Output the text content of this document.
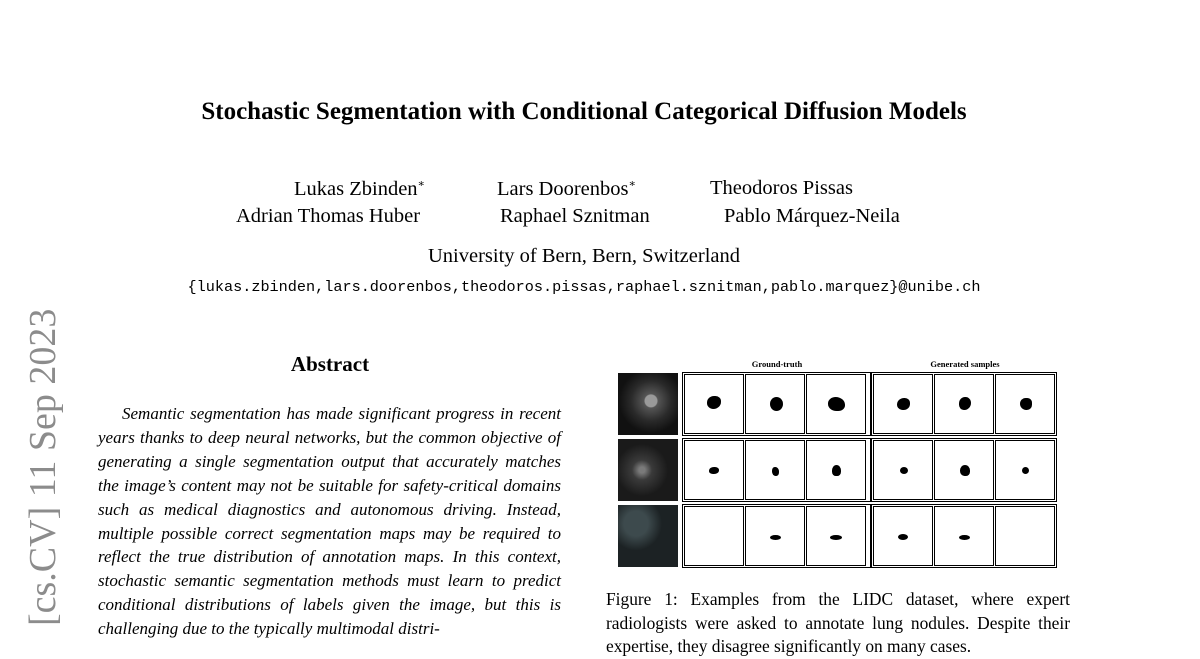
[cs.CV] 11 Sep 2023
Stochastic Segmentation with Conditional Categorical Diffusion Models
Lukas Zbinden∗	Lars Doorenbos∗	Theodoros Pissas
Adrian Thomas Huber	Raphael Sznitman	Pablo Márquez-Neila
University of Bern, Bern, Switzerland
{lukas.zbinden,lars.doorenbos,theodoros.pissas,raphael.sznitman,pablo.marquez}@unibe.ch
Abstract
Semantic segmentation has made significant progress in recent years thanks to deep neural networks, but the common objective of generating a single segmentation output that accurately matches the image’s content may not be suitable for safety-critical domains such as medical diagnostics and autonomous driving. Instead, multiple possible correct segmentation maps may be required to reflect the true distribution of annotation maps. In this context, stochastic semantic segmentation methods must learn to predict conditional distributions of labels given the image, but this is challenging due to the typically multimodal distri-
Ground-truth	Generated samples
Figure 1: Examples from the LIDC dataset, where expert radiologists were asked to annotate lung nodules. Despite their expertise, they disagree significantly on many cases.
